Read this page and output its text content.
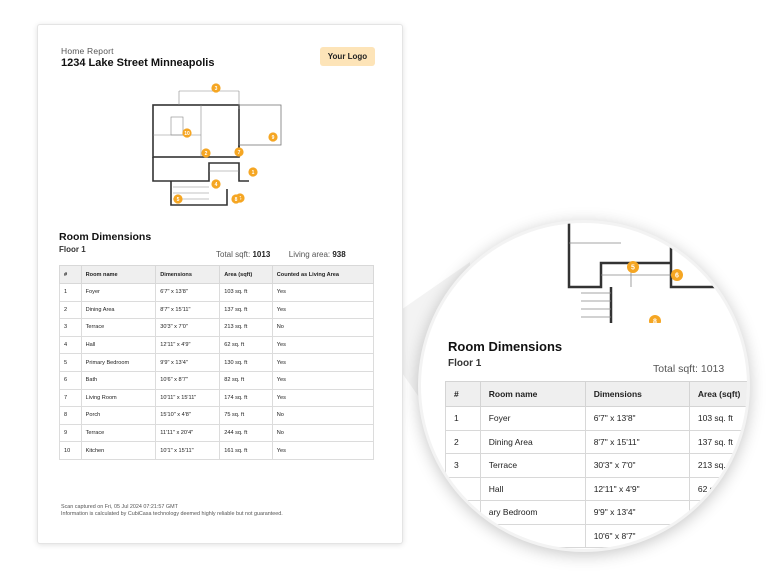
Home Report
1234 Lake Street Minneapolis
Your Logo
1
2
3
4
5
7
8
9
10
Room Dimensions
Floor 1
Total sqft: 1013 Living area: 938
#	Room name	Dimensions	Area (sqft)	Counted as Living Area
1	Foyer	6'7" x 13'8"	103 sq. ft	Yes
2	Dining Area	8'7" x 15'11"	137 sq. ft	Yes
3	Terrace	30'3" x 7'0"	213 sq. ft	No
4	Hall	12'11" x 4'9"	62 sq. ft	Yes
5	Primary Bedroom	9'9" x 13'4"	130 sq. ft	Yes
6	Bath	10'6" x 8'7"	82 sq. ft	Yes
7	Living Room	10'11" x 15'11"	174 sq. ft	Yes
8	Porch	15'10" x 4'8"	75 sq. ft	No
9	Terrace	11'11" x 20'4"	244 sq. ft	No
10	Kitchen	10'1" x 15'11"	161 sq. ft	Yes
Scan captured on Fri, 05 Jul 2024 07:21:57 GMT
Information is calculated by CubiCasa technology deemed highly reliable but not guaranteed.
5
6
8
Room Dimensions
Floor 1	Total sqft: 1013
#	Room name	Dimensions	Area (sqft)
1	Foyer	6'7" x 13'8"	103 sq. ft
2	Dining Area	8'7" x 15'11"	137 sq. ft
3	Terrace	30'3" x 7'0"	213 sq. ft
	Hall	12'11" x 4'9"	62 sq. ft
	ary Bedroom	9'9" x 13'4"	13
		10'6" x 8'7"	
